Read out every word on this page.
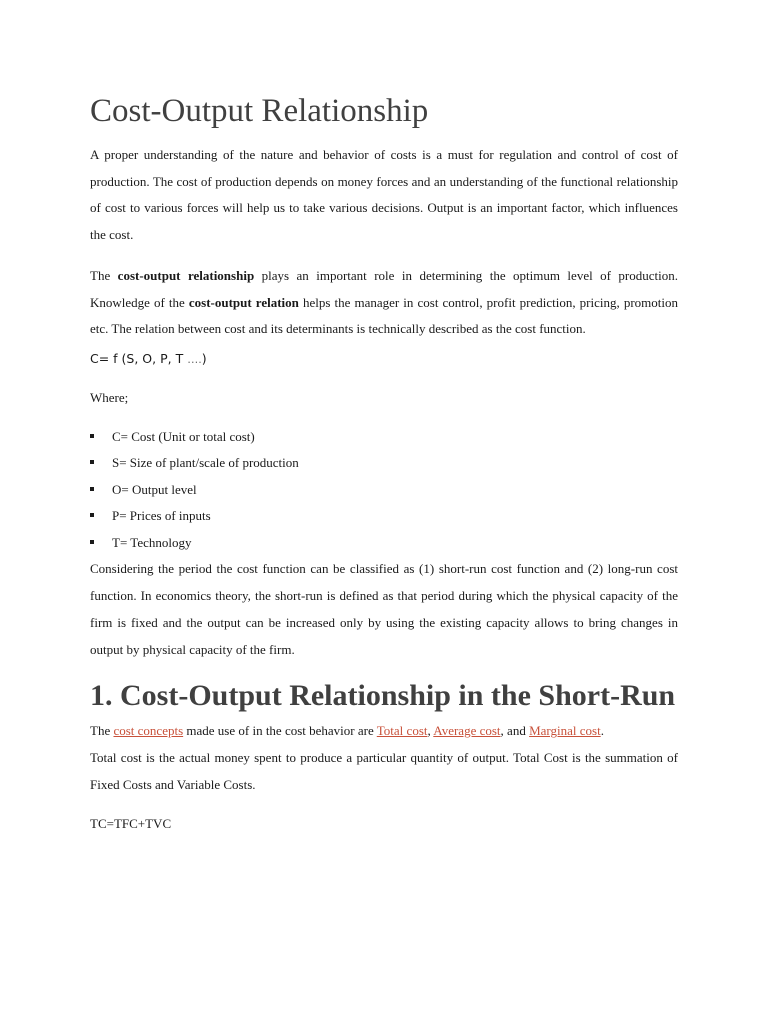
Cost-Output Relationship

A proper understanding of the nature and behavior of costs is a must for regulation and control of cost of production. The cost of production depends on money forces and an understanding of the functional relationship of cost to various forces will help us to take various decisions. Output is an important factor, which influences the cost.

The cost-output relationship plays an important role in determining the optimum level of production. Knowledge of the cost-output relation helps the manager in cost control, profit prediction, pricing, promotion etc. The relation between cost and its determinants is technically described as the cost function.

C= f (S, O, P, T ….)
Where;
C= Cost (Unit or total cost)
S= Size of plant/scale of production
O= Output level
P= Prices of inputs
T= Technology

Considering the period the cost function can be classified as (1) short-run cost function and (2) long-run cost function. In economics theory, the short-run is defined as that period during which the physical capacity of the firm is fixed and the output can be increased only by using the existing capacity allows to bring changes in output by physical capacity of the firm.

1. Cost-Output Relationship in the Short-Run

The cost concepts made use of in the cost behavior are Total cost, Average cost, and Marginal cost.

Total cost is the actual money spent to produce a particular quantity of output. Total Cost is the summation of Fixed Costs and Variable Costs.

TC=TFC+TVC
